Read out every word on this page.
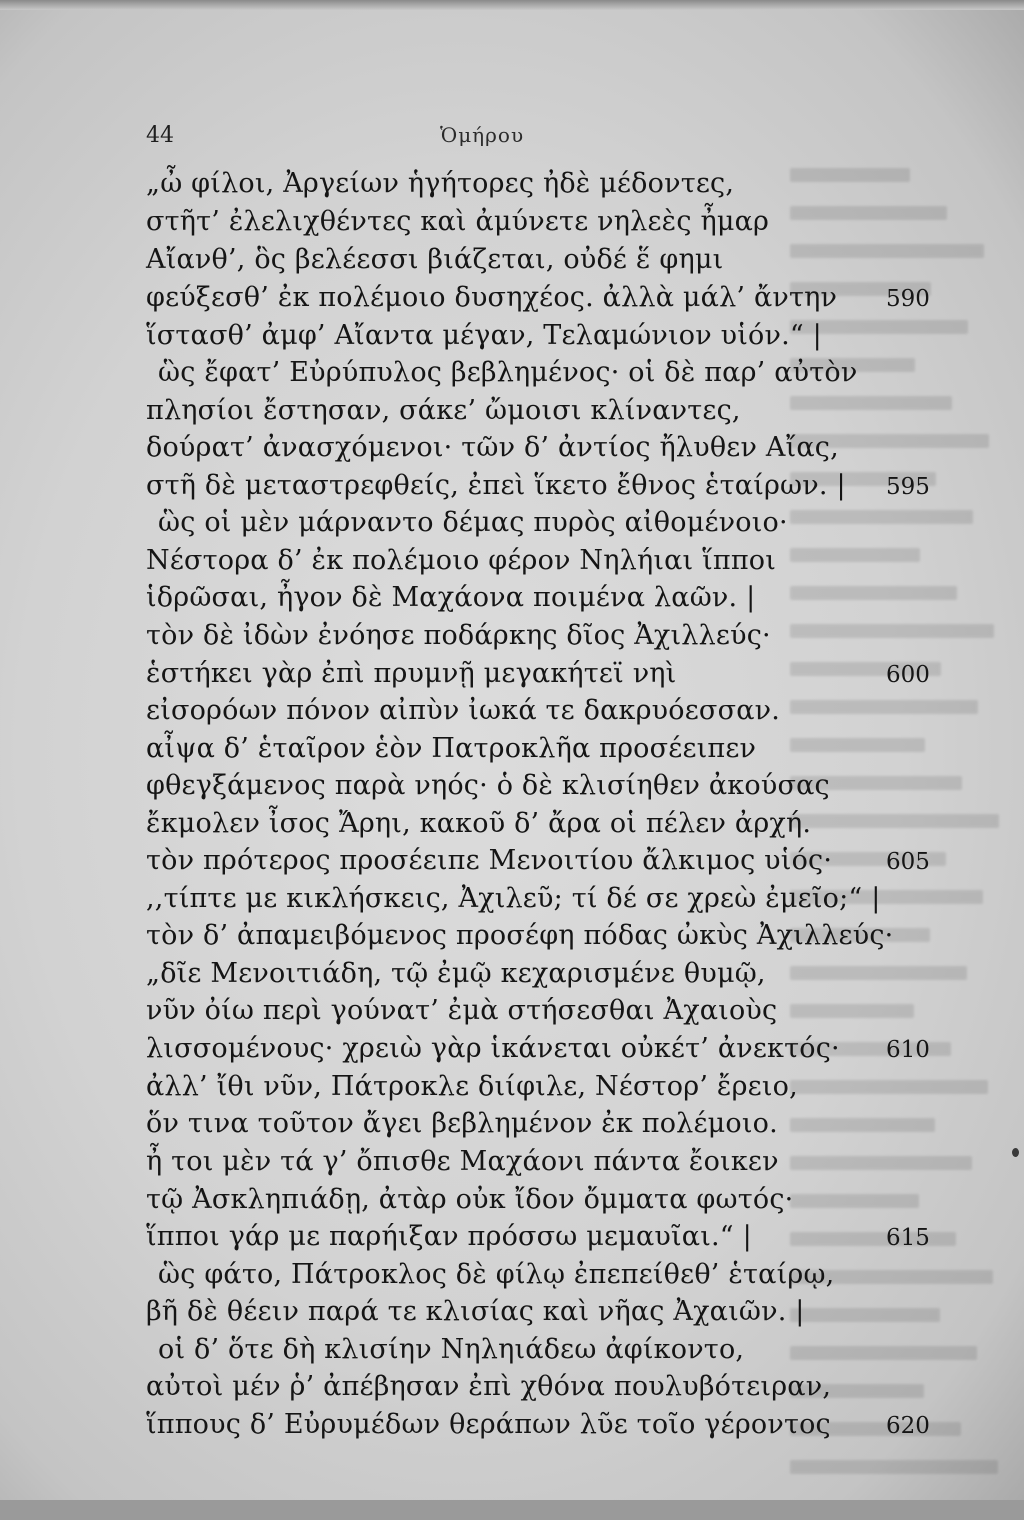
44	Ὁμήρου
„ὦ φίλοι, Ἀργείων ἡγήτορες ἠδὲ μέδοντες,
στῆτ’ ἐλελιχθέντες καὶ ἀμύνετε νηλεὲς ἦμαρ
Αἴανθ’, ὃς βελέεσσι βιάζεται, οὐδέ ἕ φημι
φεύξεσθ’ ἐκ πολέμοιο δυσηχέος. ἀλλὰ μάλ’ ἄντην 590
ἵστασθ’ ἀμφ’ Αἴαντα μέγαν, Τελαμώνιον υἱόν.“ |
ὣς ἔφατ’ Εὐρύπυλος βεβλημένος· οἱ δὲ παρ’ αὐτὸν
πλησίοι ἔστησαν, σάκε’ ὤμοισι κλίναντες,
δούρατ’ ἀνασχόμενοι· τῶν δ’ ἀντίος ἤλυθεν Αἴας,
στῆ δὲ μεταστρεφθείς, ἐπεὶ ἵκετο ἔθνος ἑταίρων. | 595
ὣς οἱ μὲν μάρναντο δέμας πυρὸς αἰθομένοιο·
Νέστορα δ’ ἐκ πολέμοιο φέρον Νηλήιαι ἵπποι
ἱδρῶσαι, ἦγον δὲ Μαχάονα ποιμένα λαῶν. |
τὸν δὲ ἰδὼν ἐνόησε ποδάρκης δῖος Ἀχιλλεύς·
ἑστήκει γὰρ ἐπὶ πρυμνῇ μεγακήτεϊ νηὶ	600
εἰσορόων πόνον αἰπὺν ἰωκά τε δακρυόεσσαν.
αἶψα δ’ ἑταῖρον ἑὸν Πατροκλῆα προσέειπεν
φθεγξάμενος παρὰ νηός· ὁ δὲ κλισίηθεν ἀκούσας
ἔκμολεν ἶσος Ἄρηι, κακοῦ δ’ ἄρα οἱ πέλεν ἀρχή.
τὸν πρότερος προσέειπε Μενοιτίου ἄλκιμος υἱός· 605
,,τίπτε με κικλήσκεις, Ἀχιλεῦ; τί δέ σε χρεὼ ἐμεῖο;“ |
τὸν δ’ ἀπαμειβόμενος προσέφη πόδας ὠκὺς Ἀχιλλεύς·
„δῖε Μενοιτιάδη, τῷ ἐμῷ κεχαρισμένε θυμῷ,
νῦν ὀίω περὶ γούνατ’ ἐμὰ στήσεσθαι Ἀχαιοὺς
λισσομένους· χρειὼ γὰρ ἱκάνεται οὐκέτ’ ἀνεκτός· 610
ἀλλ’ ἴθι νῦν, Πάτροκλε διίφιλε, Νέστορ’ ἔρειο,
ὅν τινα τοῦτον ἄγει βεβλημένον ἐκ πολέμοιο.
ἦ τοι μὲν τά γ’ ὄπισθε Μαχάονι πάντα ἔοικεν
τῷ Ἀσκληπιάδῃ, ἀτὰρ οὐκ ἴδον ὄμματα φωτός·
ἵπποι γάρ με παρήιξαν πρόσσω μεμαυῖαι.“ |	615
ὣς φάτο, Πάτροκλος δὲ φίλῳ ἐπεπείθεθ’ ἑταίρῳ,
βῆ δὲ θέειν παρά τε κλισίας καὶ νῆας Ἀχαιῶν. |
οἱ δ’ ὅτε δὴ κλισίην Νηληιάδεω ἀφίκοντο,
αὐτοὶ μέν ῥ’ ἀπέβησαν ἐπὶ χθόνα πουλυβότειραν,
ἵππους δ’ Εὐρυμέδων θεράπων λῦε τοῖο γέροντος 620
